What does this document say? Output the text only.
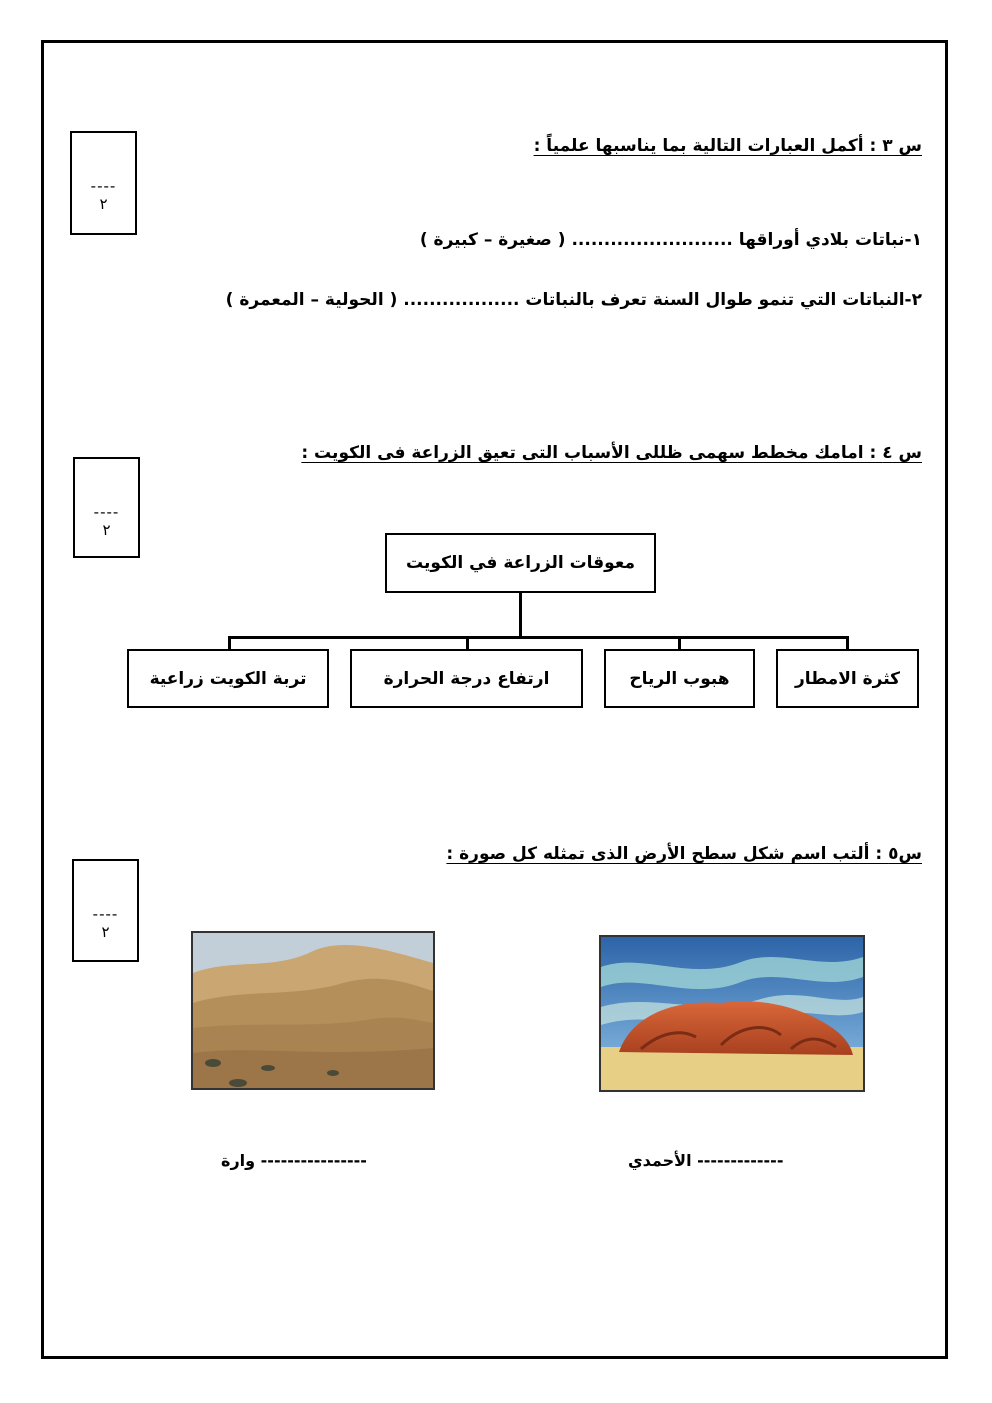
----
٢
س ٣ : أكمل العبارات التالية بما يناسبها علمياً :
١-نباتات بلادي أوراقها ......................... ( صغيرة – كبيرة )
٢-النباتات التي تنمو طوال السنة تعرف بالنباتات .................. ( الحولية – المعمرة )
----
٢
س ٤ : امامك مخطط سهمى ظللى الأسباب التى تعيق الزراعة فى الكويت :
معوقات الزراعة في الكويت
كثرة الامطار
هبوب الرياح
ارتفاع درجة الحرارة
تربة الكويت زراعية
----
٢
س٥ : ألتب اسم شكل سطح الأرض الذى تمثله كل صورة :
------------- الأحمدي
---------------- وارة
